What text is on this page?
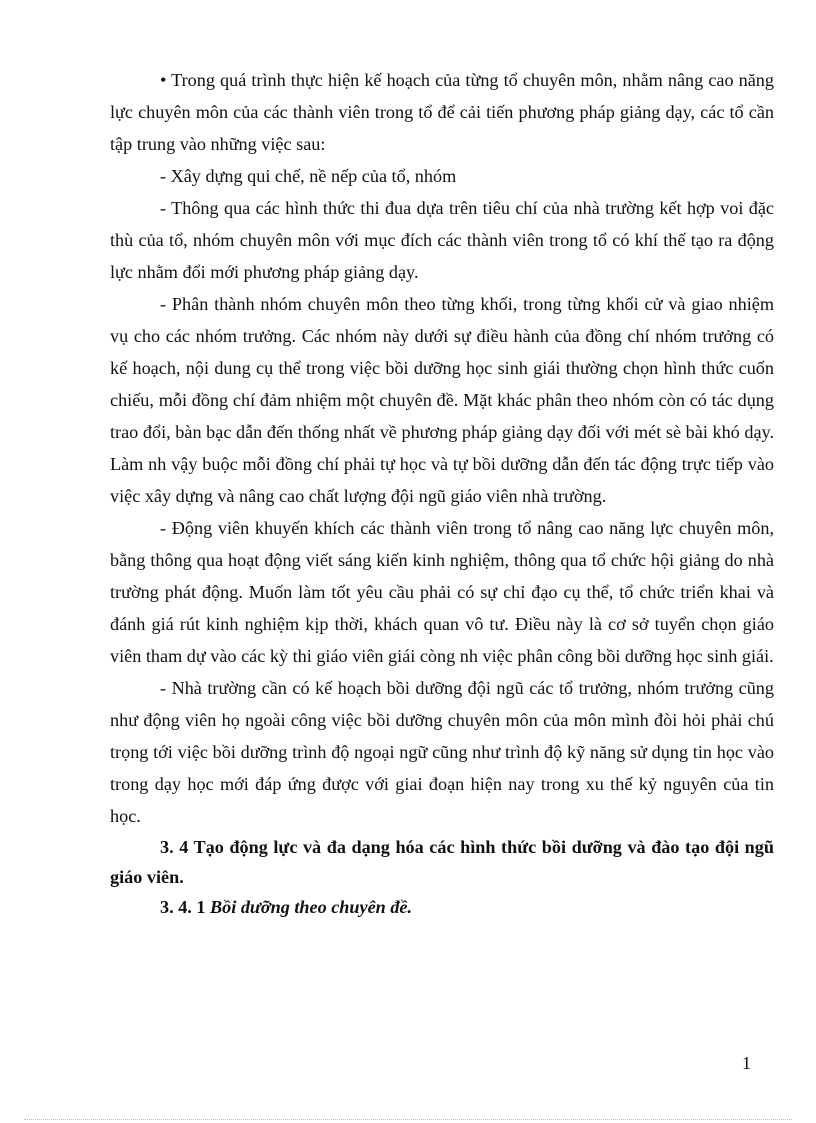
• Trong quá trình thực hiện kế hoạch của từng tổ chuyên môn, nhằm nâng cao năng lực chuyên môn của các thành viên trong tổ để cải tiến phương pháp giảng dạy, các tổ cần tập trung vào những việc sau:

- Xây dựng qui chế, nề nếp của tổ, nhóm

- Thông qua các hình thức thi đua dựa trên tiêu chí của nhà trường kết hợp voi đặc thù của tổ, nhóm chuyên môn với mục đích các thành viên trong tổ có khí thế tạo ra động lực nhằm đổi mới phương pháp giảng dạy.

- Phân thành nhóm chuyên môn theo từng khối, trong từng khối cử và giao nhiệm vụ cho các nhóm trưởng. Các nhóm này dưới sự điều hành của đồng chí nhóm trưởng có kế hoạch, nội dung cụ thể trong việc bồi dưỡng học sinh giái thường chọn hình thức cuốn chiếu, mỗi đồng chí đảm nhiệm một chuyên đề. Mặt khác phân theo nhóm còn có tác dụng trao đổi, bàn bạc dẫn đến thống nhất về phương pháp giảng dạy đối với mét sè bài khó dạy. Làm nh vậy buộc mỗi đồng chí phải tự học và tự bồi dưỡng dẫn đến tác động trực tiếp vào việc xây dựng và nâng cao chất lượng đội ngũ giáo viên nhà trường.

- Động viên khuyến khích các thành viên trong tổ nâng cao năng lực chuyên môn, bằng thông qua hoạt động viết sáng kiến kinh nghiệm, thông qua tổ chức hội giảng do nhà trường phát động. Muốn làm tốt yêu cầu phải có sự chỉ đạo cụ thể, tổ chức triển khai và đánh giá rút kinh nghiệm kịp thời, khách quan vô tư. Điều này là cơ sở tuyển chọn giáo viên tham dự vào các kỳ thi giáo viên giái còng nh việc phân công bồi dưỡng học sinh giái.

- Nhà trường cần có kế hoạch bồi dưỡng đội ngũ các tổ trưởng, nhóm trưởng cũng như động viên họ ngoài công việc bồi dưỡng chuyên môn của môn mình đòi hỏi phải chú trọng tới việc bồi dưỡng trình độ ngoại ngữ cũng như trình độ kỹ năng sử dụng tin học vào trong dạy học mới đáp ứng được với giai đoạn hiện nay trong xu thế kỷ nguyên của tin học.

3. 4 Tạo động lực và đa dạng hóa các hình thức bồi dưỡng và đào tạo đội ngũ giáo viên.

3. 4. 1 Bồi dưỡng theo chuyên đề.

1
